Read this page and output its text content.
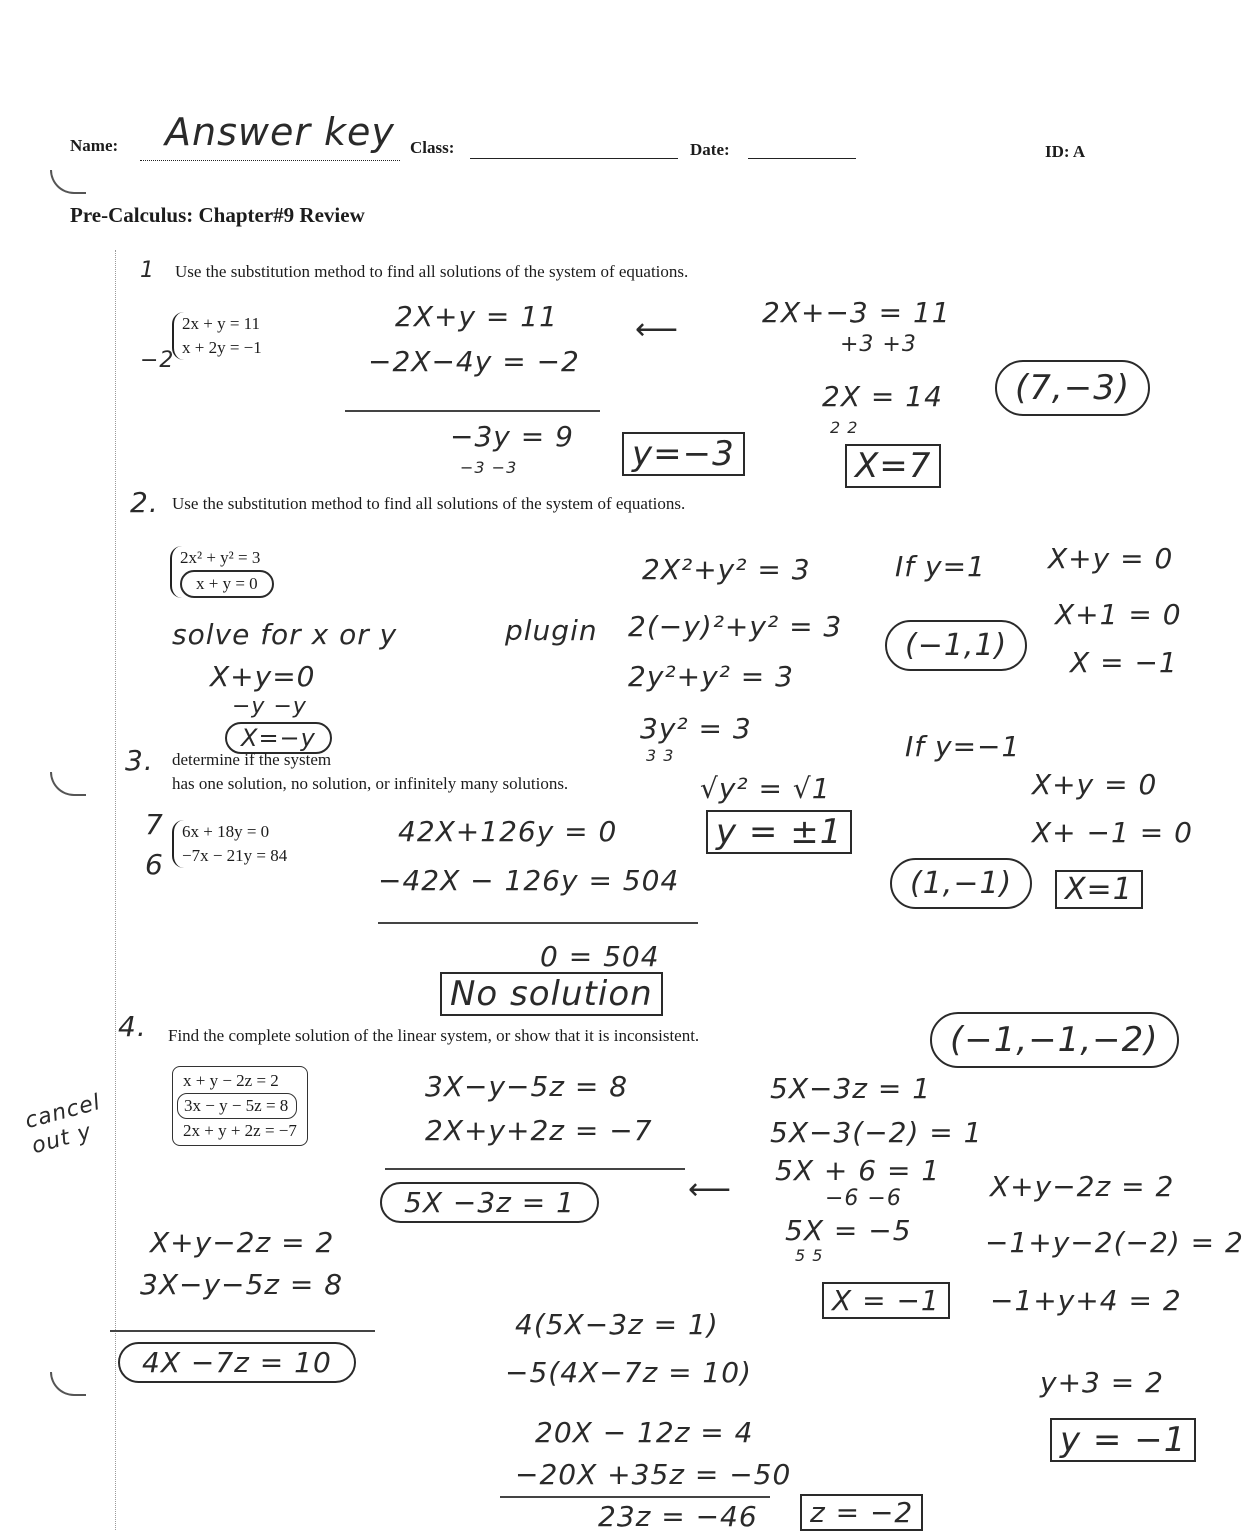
Name: Answer key Class:	Date:	ID: A
Pre-Calculus: Chapter#9 Review
1 Use the substitution method to find all solutions of the system of equations.
−2
2x + y = 11
x + 2y = −1
2X+y = 11
−2X−4y = −2
−3y = 9
−3 −3	y=−3
⟵	2X+−3 = 11
+3 +3
2X = 14
2 2
X=7
(7,−3)
2. Use the substitution method to find all solutions of the system of equations.
2x² + y² = 3
x + y = 0
solve for x or y
X+y=0
−y −y
X=−y
plugin
2X²+y² = 3
2(−y)²+y² = 3
2y²+y² = 3
3y² = 3
3 3
√y² = √1
y = ±1
If y=1 X+y = 0
X+1 = 0
X = −1
(−1,1)
If y=−1
X+y = 0
X+ −1 = 0
X=1
(1,−1)
3. determine if the system
has one solution, no solution, or infinitely many solutions.
7
6
6x + 18y = 0
−7x − 21y = 84
42X+126y = 0
−42X − 126y = 504
0 = 504
No solution
4. Find the complete solution of the linear system, or show that it is inconsistent.	(−1,−1,−2)
cancel out y
x + y − 2z = 2
3x − y − 5z = 8
2x + y + 2z = −7
3X−y−5z = 8
2X+y+2z = −7
5X −3z = 1	⟵
X+y−2z = 2
3X−y−5z = 8
4X −7z = 10
4(5X−3z = 1)
−5(4X−7z = 10)
20X − 12z = 4
−20X +35z = −50
23z = −46	z = −2
5X−3z = 1
5X−3(−2) = 1
5X + 6 = 1
−6 −6
5X = −5
5 5
X = −1
X+y−2z = 2
−1+y−2(−2) = 2
−1+y+4 = 2
y+3 = 2
y = −1
